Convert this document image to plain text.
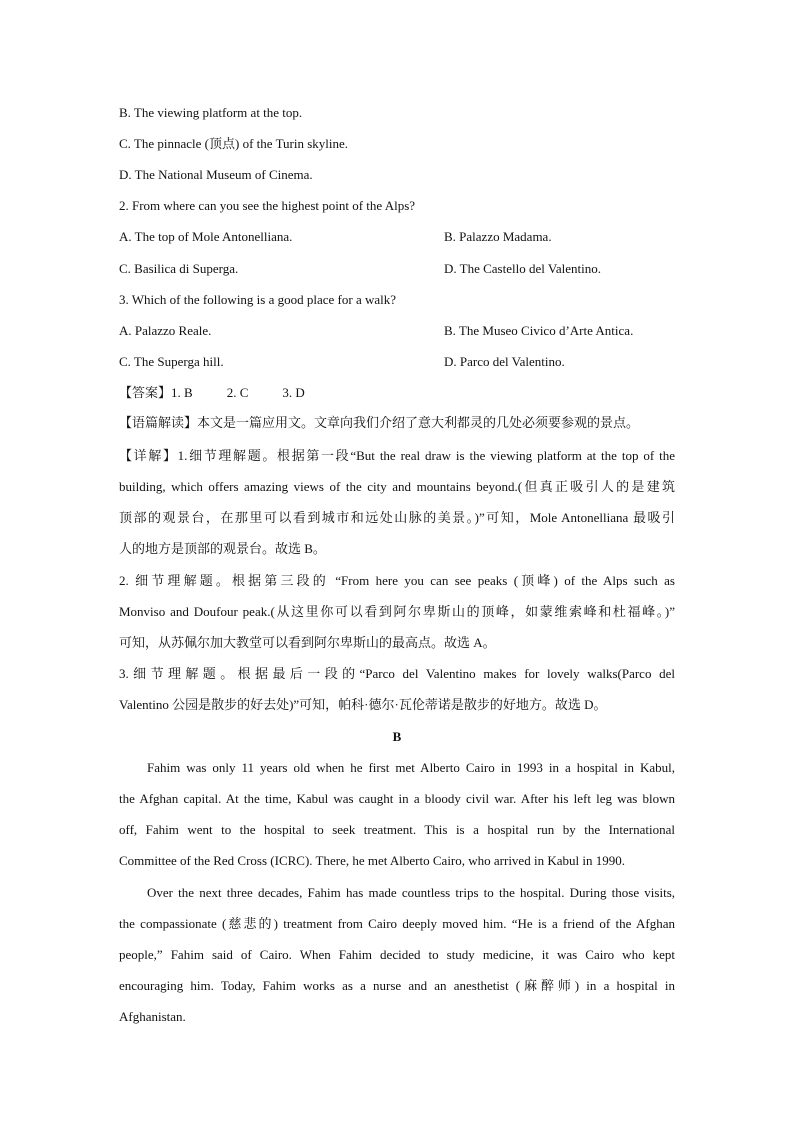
B. The viewing platform at the top.
C. The pinnacle (顶点) of the Turin skyline.
D. The National Museum of Cinema.
2. From where can you see the highest point of the Alps?
A. The top of Mole Antonelliana.	B. Palazzo Madama.
C. Basilica di Superga.	D. The Castello del Valentino.
3. Which of the following is a good place for a walk?
A. Palazzo Reale.	B. The Museo Civico d’Arte Antica.
C. The Superga hill.	D. Parco del Valentino.
【答案】1. B	2. C	3. D
【语篇解读】本文是一篇应用文。文章向我们介绍了意大利都灵的几处必须要参观的景点。
【详解】1.细节理解题。根据第一段“But the real draw is the viewing platform at the top of the
building, which offers amazing views of the city and mountains beyond.(但真正吸引人的是建筑
顶部的观景台，在那里可以看到城市和远处山脉的美景。)”可知，Mole Antonelliana 最吸引
人的地方是顶部的观景台。故选 B。
2. 细节理解题。根据第三段的 “From here you can see peaks (顶峰) of the Alps such as
Monviso and Doufour peak.(从这里你可以看到阿尔卑斯山的顶峰，如蒙维索峰和杜福峰。)”
可知，从苏佩尔加大教堂可以看到阿尔卑斯山的最高点。故选 A。
3.细节理解题。根据最后一段的“Parco del Valentino makes for lovely walks(Parco del
Valentino 公园是散步的好去处)”可知，帕科·德尔·瓦伦蒂诺是散步的好地方。故选 D。
B
Fahim was only 11 years old when he first met Alberto Cairo in 1993 in a hospital in Kabul,
the Afghan capital. At the time, Kabul was caught in a bloody civil war. After his left leg was blown
off, Fahim went to the hospital to seek treatment. This is a hospital run by the International
Committee of the Red Cross (ICRC). There, he met Alberto Cairo, who arrived in Kabul in 1990.
Over the next three decades, Fahim has made countless trips to the hospital. During those visits,
the compassionate (慈悲的) treatment from Cairo deeply moved him. “He is a friend of the Afghan
people,” Fahim said of Cairo. When Fahim decided to study medicine, it was Cairo who kept
encouraging him. Today, Fahim works as a nurse and an anesthetist (麻醉师) in a hospital in
Afghanistan.
